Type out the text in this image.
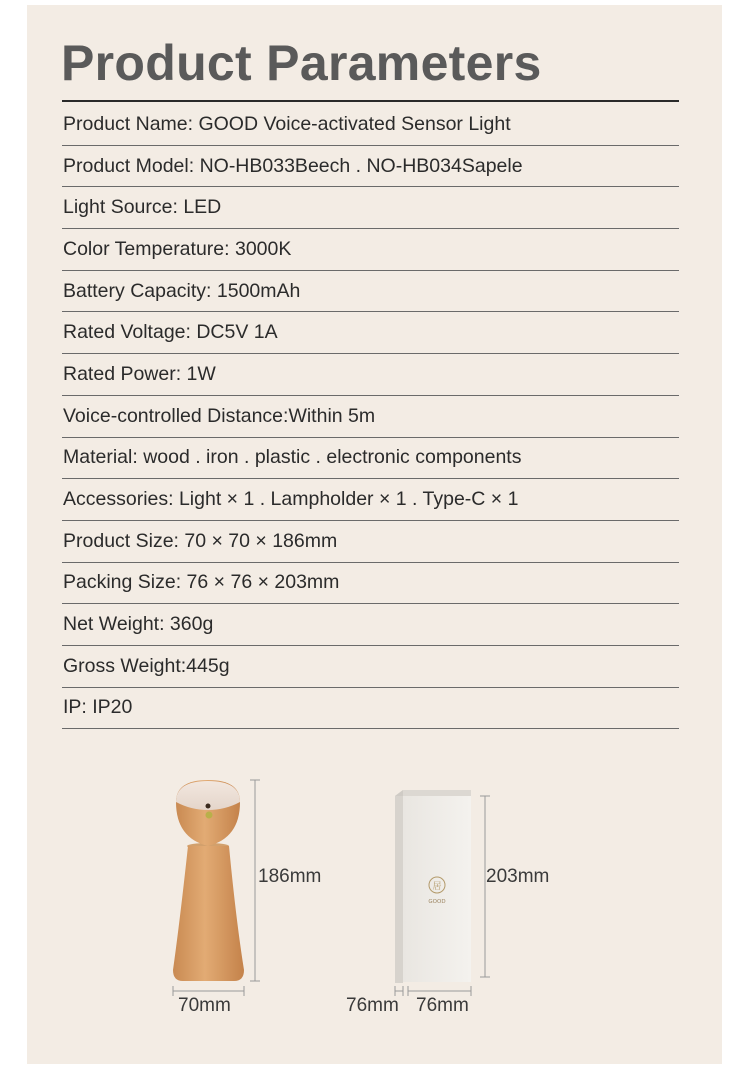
Product Parameters
Product Name: GOOD Voice-activated Sensor Light
Product Model: NO-HB033Beech . NO-HB034Sapele
Light Source: LED
Color Temperature: 3000K
Battery Capacity: 1500mAh
Rated Voltage: DC5V 1A
Rated Power: 1W
Voice-controlled Distance:Within 5m
Material: wood . iron . plastic . electronic components
Accessories: Light × 1 . Lampholder × 1 . Type-C × 1
Product Size: 70 × 70 × 186mm
Packing Size: 76 × 76 × 203mm
Net Weight: 360g
Gross Weight:445g
IP: IP20
居
GOOD
186mm
70mm
203mm
76mm 76mm
